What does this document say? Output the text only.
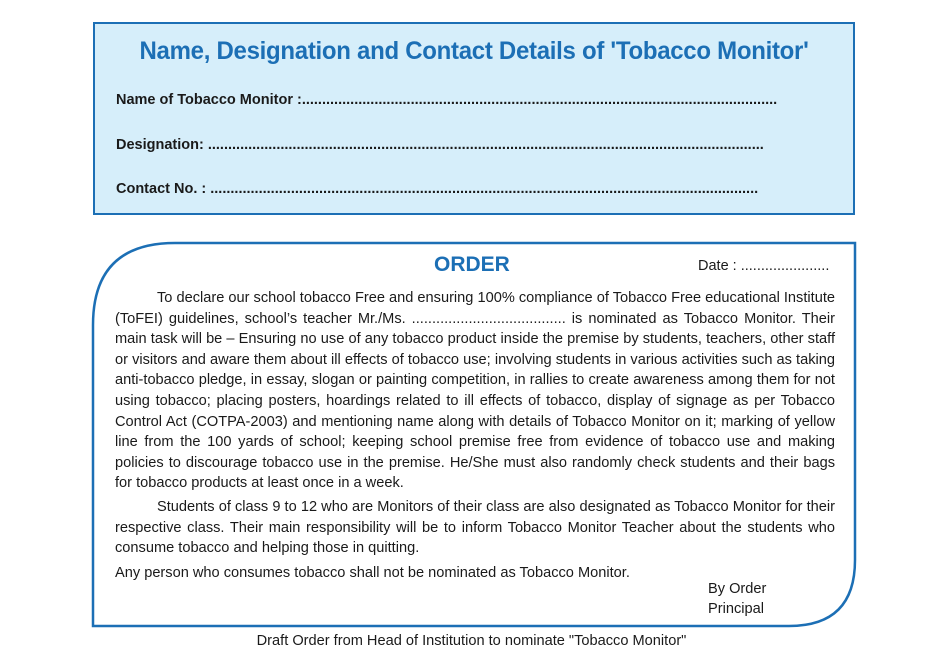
Name, Designation and Contact Details of 'Tobacco Monitor'
Name of Tobacco Monitor :......................................................................................................................
Designation: ..........................................................................................................................................
Contact No. : ........................................................................................................................................
ORDER	Date : ......................

To declare our school tobacco Free and ensuring 100% compliance of Tobacco Free educational Institute (ToFEI) guidelines, school’s teacher Mr./Ms. ...................................... is nominated as Tobacco Monitor. Their main task will be – Ensuring no use of any tobacco product inside the premise by students, teachers, other staff or visitors and aware them about ill effects of tobacco use; involving students in various activities such as taking anti-tobacco pledge, in essay, slogan or painting competition, in rallies to create awareness among them for not using tobacco; placing posters, hoardings related to ill effects of tobacco, display of signage as per Tobacco Control Act (COTPA-2003) and mentioning name along with details of Tobacco Monitor on it; marking of yellow line from the 100 yards of school; keeping school premise free from evidence of tobacco use and making policies to discourage tobacco use in the premise. He/She must also randomly check students and their bags for tobacco products at least once in a week.

Students of class 9 to 12 who are Monitors of their class are also designated as Tobacco Monitor for their respective class. Their main responsibility will be to inform Tobacco Monitor Teacher about the students who consume tobacco and helping those in quitting.

Any person who consumes tobacco shall not be nominated as Tobacco Monitor.

By Order
Principal
Draft Order from Head of Institution to nominate "Tobacco Monitor"
